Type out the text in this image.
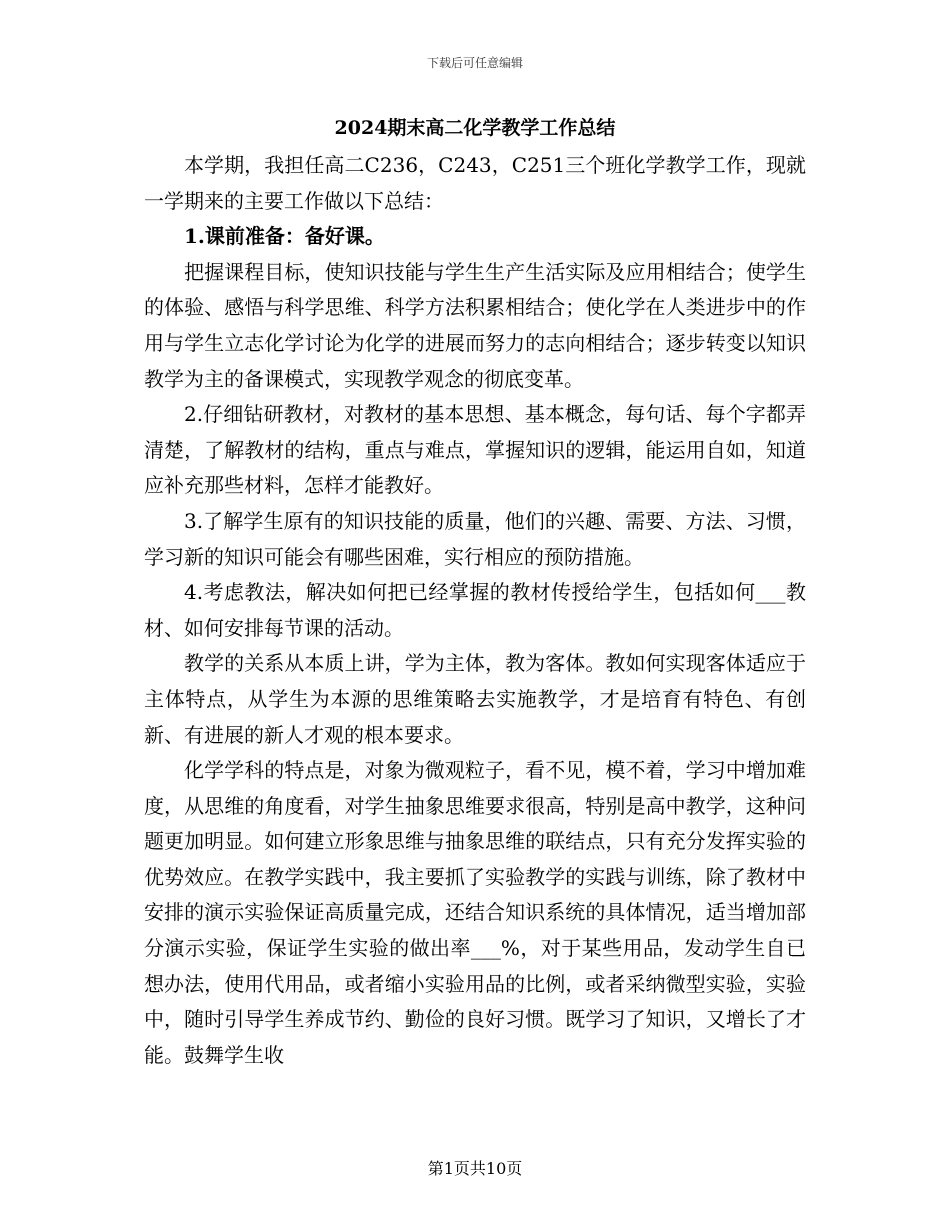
下载后可任意编辑
2024期末高二化学教学工作总结

本学期，我担任高二C236，C243，C251三个班化学教学工作，现就一学期来的主要工作做以下总结：

1.课前准备：备好课。

把握课程目标，使知识技能与学生生产生活实际及应用相结合；使学生的体验、感悟与科学思维、科学方法积累相结合；使化学在人类进步中的作用与学生立志化学讨论为化学的进展而努力的志向相结合；逐步转变以知识教学为主的备课模式，实现教学观念的彻底变革。

2.仔细钻研教材，对教材的基本思想、基本概念，每句话、每个字都弄清楚，了解教材的结构，重点与难点，掌握知识的逻辑，能运用自如，知道应补充那些材料，怎样才能教好。

3.了解学生原有的知识技能的质量，他们的兴趣、需要、方法、习惯，学习新的知识可能会有哪些困难，实行相应的预防措施。

4.考虑教法，解决如何把已经掌握的教材传授给学生，包括如何___教材、如何安排每节课的活动。

教学的关系从本质上讲，学为主体，教为客体。教如何实现客体适应于主体特点，从学生为本源的思维策略去实施教学，才是培育有特色、有创新、有进展的新人才观的根本要求。

化学学科的特点是，对象为微观粒子，看不见，模不着，学习中增加难度，从思维的角度看，对学生抽象思维要求很高，特别是高中教学，这种问题更加明显。如何建立形象思维与抽象思维的联结点，只有充分发挥实验的优势效应。在教学实践中，我主要抓了实验教学的实践与训练，除了教材中安排的演示实验保证高质量完成，还结合知识系统的具体情况，适当增加部分演示实验，保证学生实验的做出率___%，对于某些用品，发动学生自已想办法，使用代用品，或者缩小实验用品的比例，或者采纳微型实验，实验中，随时引导学生养成节约、勤俭的良好习惯。既学习了知识，又增长了才能。鼓舞学生收

第1页共10页
